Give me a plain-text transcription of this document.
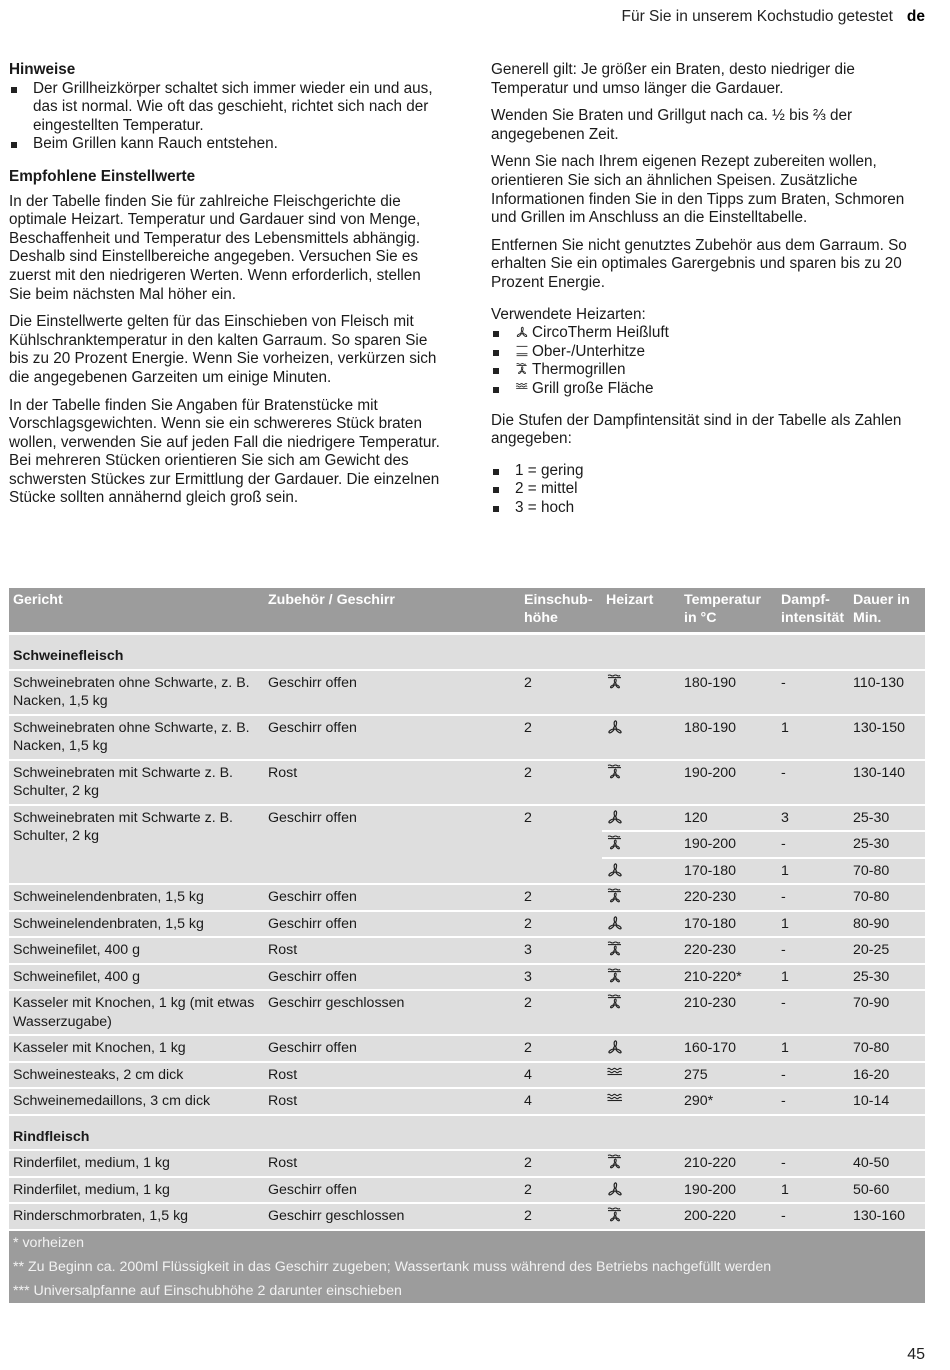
Für Sie in unserem Kochstudio getestet de
Hinweise
Der Grillheizkörper schaltet sich immer wieder ein und aus, das ist normal. Wie oft das geschieht, richtet sich nach der eingestellten Temperatur.
Beim Grillen kann Rauch entstehen.
Empfohlene Einstellwerte

In der Tabelle finden Sie für zahlreiche Fleischgerichte die optimale Heizart. Temperatur und Gardauer sind von Menge, Beschaffenheit und Temperatur des Lebensmittels abhängig. Deshalb sind Einstellbereiche angegeben. Versuchen Sie es zuerst mit den niedrigeren Werten. Wenn erforderlich, stellen Sie beim nächsten Mal höher ein.

Die Einstellwerte gelten für das Einschieben von Fleisch mit Kühlschranktemperatur in den kalten Garraum. So sparen Sie bis zu 20 Prozent Energie. Wenn Sie vorheizen, verkürzen sich die angegebenen Garzeiten um einige Minuten.

In der Tabelle finden Sie Angaben für Bratenstücke mit Vorschlagsgewichten. Wenn sie ein schwereres Stück braten wollen, verwenden Sie auf jeden Fall die niedrigere Temperatur. Bei mehreren Stücken orientieren Sie sich am Gewicht des schwersten Stückes zur Ermittlung der Gardauer. Die einzelnen Stücke sollten annähernd gleich groß sein.

Generell gilt: Je größer ein Braten, desto niedriger die Temperatur und umso länger die Gardauer.

Wenden Sie Braten und Grillgut nach ca. ½ bis ⅔ der angegebenen Zeit.

Wenn Sie nach Ihrem eigenen Rezept zubereiten wollen, orientieren Sie sich an ähnlichen Speisen. Zusätzliche Informationen finden Sie in den Tipps zum Braten, Schmoren und Grillen im Anschluss an die Einstelltabelle.

Entfernen Sie nicht genutztes Zubehör aus dem Garraum. So erhalten Sie ein optimales Garergebnis und sparen bis zu 20 Prozent Energie.

Verwendete Heizarten:

CircoTherm Heißluft
Ober-/Unterhitze
Thermogrillen
Grill große Fläche

Die Stufen der Dampfintensität sind in der Tabelle als Zahlen angegeben:

1 = gering
2 = mittel
3 = hoch
Gericht	Zubehör / Geschirr	Einschub-höhe	Heizart	Temperatur in °C	Dampf-intensität	Dauer in Min.
Schweinefleisch						
Schweinebraten ohne Schwarte, z. B. Nacken, 1,5 kg	Geschirr offen	2		180-190	-	110-130
Schweinebraten ohne Schwarte, z. B. Nacken, 1,5 kg	Geschirr offen	2		180-190	1	130-150
Schweinebraten mit Schwarte z. B. Schulter, 2 kg	Rost	2		190-200	-	130-140
Schweinebraten mit Schwarte z. B. Schulter, 2 kg	Geschirr offen	2		120	3	25-30

	190-200	-	25-30

	170-180	1	70-80
Schweinelendenbraten, 1,5 kg	Geschirr offen	2		220-230	-	70-80
Schweinelendenbraten, 1,5 kg	Geschirr offen	2		170-180	1	80-90
Schweinefilet, 400 g	Rost	3		220-230	-	20-25
Schweinefilet, 400 g	Geschirr offen	3		210-220*	1	25-30
Kasseler mit Knochen, 1 kg (mit etwas Wasserzugabe)	Geschirr geschlossen	2		210-230	-	70-90
Kasseler mit Knochen, 1 kg	Geschirr offen	2		160-170	1	70-80
Schweinesteaks, 2 cm dick	Rost	4		275	-	16-20
Schweinemedaillons, 3 cm dick	Rost	4		290*	-	10-14
Rindfleisch						
Rinderfilet, medium, 1 kg	Rost	2		210-220	-	40-50
Rinderfilet, medium, 1 kg	Geschirr offen	2		190-200	1	50-60
Rinderschmorbraten, 1,5 kg	Geschirr geschlossen	2		200-220	-	130-160
* vorheizen						
** Zu Beginn ca. 200ml Flüssigkeit in das Geschirr zugeben; Wassertank muss während des Betriebs nachgefüllt werden						
*** Universalpfanne auf Einschubhöhe 2 darunter einschieben						
45
